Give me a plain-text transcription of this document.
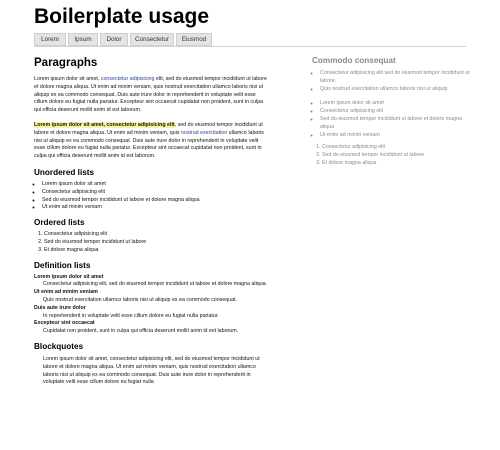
Boilerplate usage
Lorem	Ipsum	Dolor	Consectetur	Eiusmod
Paragraphs

Lorem ipsum dolor sit amet, consectetur adipisicing elit, sed do eiusmod tempor incididunt ut labore et dolore magna aliqua. Ut enim ad minim veniam, quis nostrud exercitation ullamco laboris nisi ut aliquip ex ea commodo consequat. Duis aute irure dolor in reprehenderit in voluptate velit esse cillum dolore eu fugiat nulla pariatur. Excepteur sint occaecat cupidatat non proident, sunt in culpa qui officia deserunt mollit anim id est laborum.

Lorem ipsum dolor sit amet, consectetur adipisicing elit, sed do eiusmod tempor incididunt ut labore et dolore magna aliqua. Ut enim ad minim veniam, quis nostrud exercitation ullamco laboris nisi ut aliquip ex ea commodo consequat. Duis aute irure dolor in reprehenderit in voluptate velit esse cillum dolore eu fugiat nulla pariatur. Excepteur sint occaecat cupidatat non proident, sunt in culpa qui officia deserunt mollit anim id est laborum.

Unordered lists
◦ Lorem ipsum dolor sit amet
◦ Consectetur adipisicing elit
◦ Sed do eiusmod tempor incididunt ut labore et dolore magna aliqua
◦ Ut enim ad minim veniam
Ordered lists
1. Consectetur adipisicing elit
2. Sed do eiusmod tempor incididunt ut labore
3. Et dolore magna aliqua
Definition lists
Lorem ipsum dolor sit amet
Consectetur adipisicing elit, sed do eiusmod tempor incididunt ut labore et dolore magna aliqua.
Ut enim ad minim veniam
Quis nostrud exercitation ullamco laboris nisi ut aliquip ex ea commodo consequat.
Duis aute irure dolor
In reprehenderit in voluptate velit esse cillum dolore eu fugiat nulla pariatur.
Excepteur sint occaecat
Cupidatat non proident, sunt in culpa qui officia deserunt mollit anim id est laborum.
Blockquotes
Lorem ipsum dolor sit amet, consectetur adipisicing elit, sed do eiusmod tempor incididunt ut labore et dolore magna aliqua. Ut enim ad minim veniam, quis nostrud exercitation ullamco laboris nisi ut aliquip ex ea commodo consequat. Duis aute irure dolor in reprehenderit in voluptate velit esse cillum dolore eu fugiat nulla
Commodo consequat
◦ Consectetur adipisicing elit sed do eiusmod tempor incididunt ut labore.
◦ Quis nostrud exercitation ullamco laboris nisi ut aliquip
◦ Lorem ipsum dolor sit amet
◦ Consectetur adipisicing elit
◦ Sed do eiusmod tempor incididunt ut labore et dolore magna aliqua
◦ Ut enim ad minim veniam
1. Consectetur adipisicing elit
2. Sed do eiusmod tempor incididunt ut labore
3. Et dolore magna aliqua
